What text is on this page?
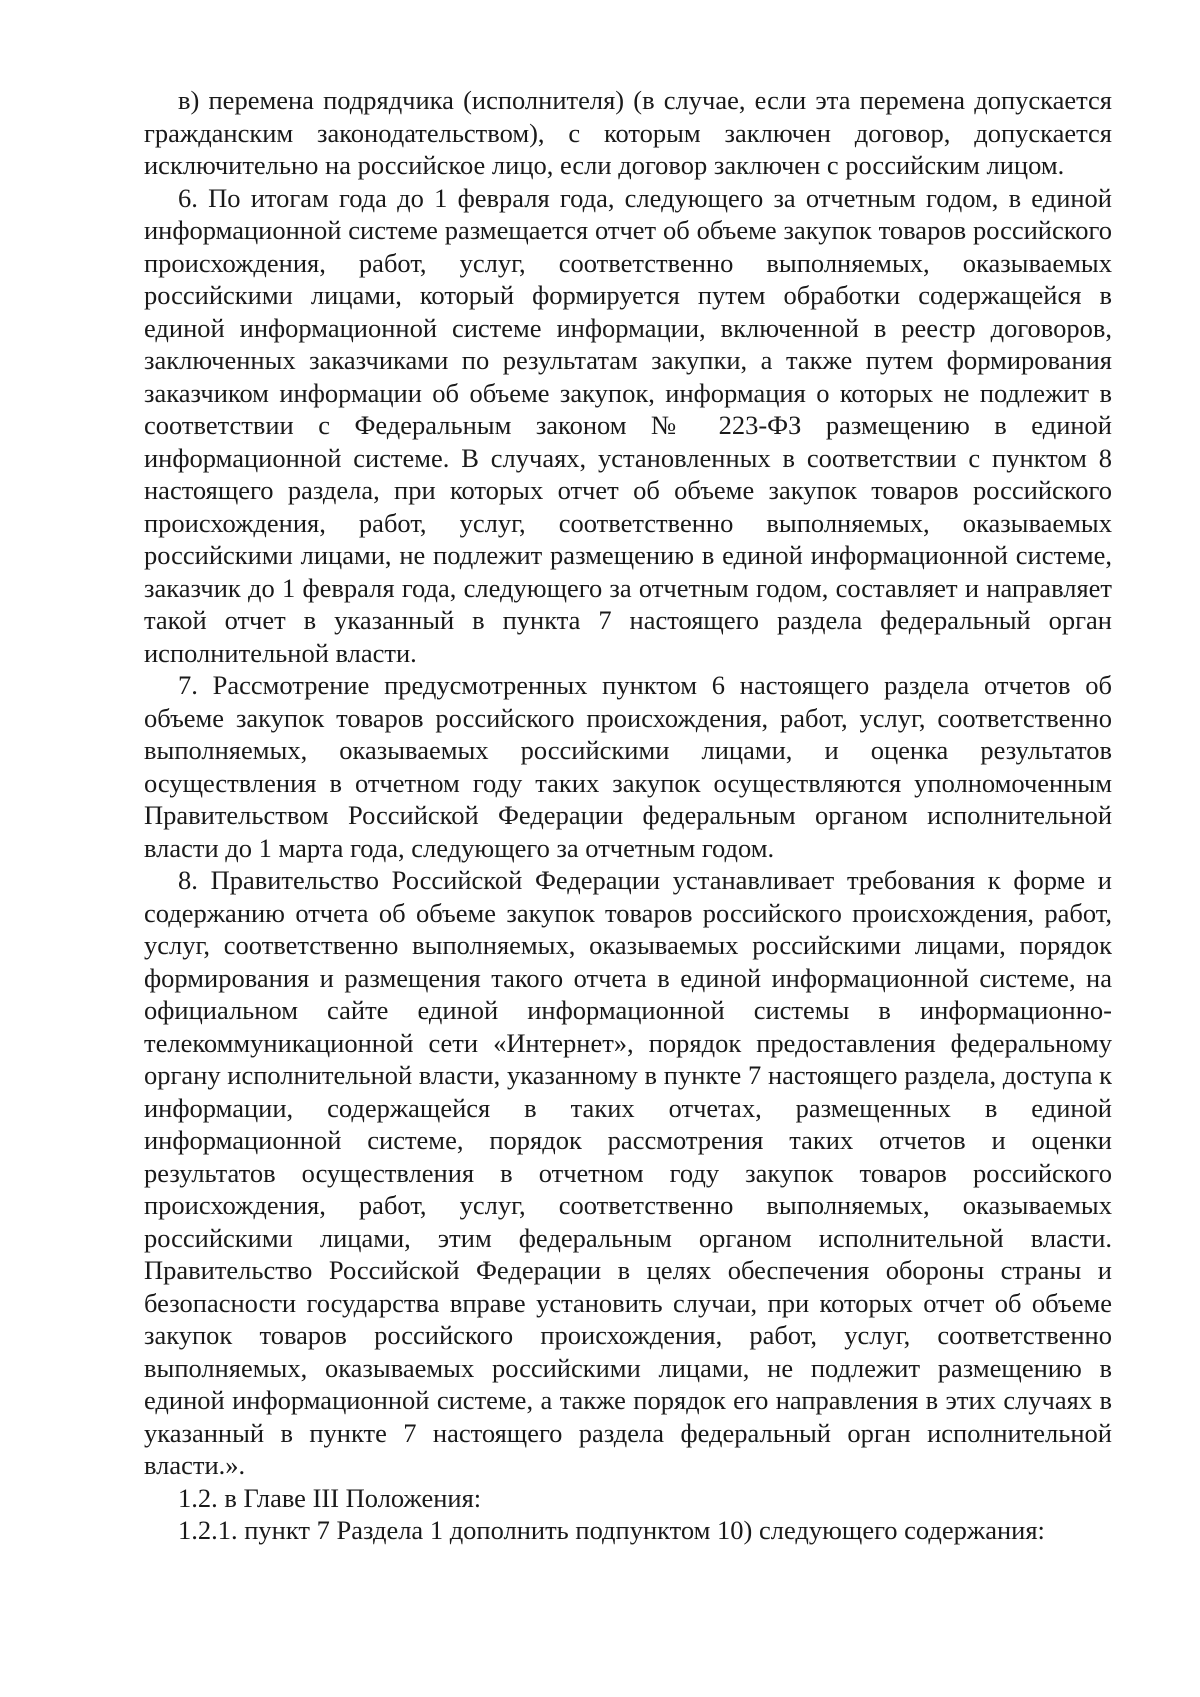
в) перемена подрядчика (исполнителя) (в случае, если эта перемена допускается гражданским законодательством), с которым заключен договор, допускается исключительно на российское лицо, если договор заключен с российским лицом.

6. По итогам года до 1 февраля года, следующего за отчетным годом, в единой информационной системе размещается отчет об объеме закупок товаров российского происхождения, работ, услуг, соответственно выполняемых, оказываемых российскими лицами, который формируется путем обработки содержащейся в единой информационной системе информации, включенной в реестр договоров, заключенных заказчиками по результатам закупки, а также путем формирования заказчиком информации об объеме закупок, информация о которых не подлежит в соответствии с Федеральным законом № 223-ФЗ размещению в единой информационной системе. В случаях, установленных в соответствии с пунктом 8 настоящего раздела, при которых отчет об объеме закупок товаров российского происхождения, работ, услуг, соответственно выполняемых, оказываемых российскими лицами, не подлежит размещению в единой информационной системе, заказчик до 1 февраля года, следующего за отчетным годом, составляет и направляет такой отчет в указанный в пункта 7 настоящего раздела федеральный орган исполнительной власти.

7. Рассмотрение предусмотренных пунктом 6 настоящего раздела отчетов об объеме закупок товаров российского происхождения, работ, услуг, соответственно выполняемых, оказываемых российскими лицами, и оценка результатов осуществления в отчетном году таких закупок осуществляются уполномоченным Правительством Российской Федерации федеральным органом исполнительной власти до 1 марта года, следующего за отчетным годом.

8. Правительство Российской Федерации устанавливает требования к форме и содержанию отчета об объеме закупок товаров российского происхождения, работ, услуг, соответственно выполняемых, оказываемых российскими лицами, порядок формирования и размещения такого отчета в единой информационной системе, на официальном сайте единой информационной системы в информационно-телекоммуникационной сети «Интернет», порядок предоставления федеральному органу исполнительной власти, указанному в пункте 7 настоящего раздела, доступа к информации, содержащейся в таких отчетах, размещенных в единой информационной системе, порядок рассмотрения таких отчетов и оценки результатов осуществления в отчетном году закупок товаров российского происхождения, работ, услуг, соответственно выполняемых, оказываемых российскими лицами, этим федеральным органом исполнительной власти. Правительство Российской Федерации в целях обеспечения обороны страны и безопасности государства вправе установить случаи, при которых отчет об объеме закупок товаров российского происхождения, работ, услуг, соответственно выполняемых, оказываемых российскими лицами, не подлежит размещению в единой информационной системе, а также порядок его направления в этих случаях в указанный в пункте 7 настоящего раздела федеральный орган исполнительной власти.».

1.2. в Главе III Положения:

1.2.1. пункт 7 Раздела 1 дополнить подпунктом 10) следующего содержания:
